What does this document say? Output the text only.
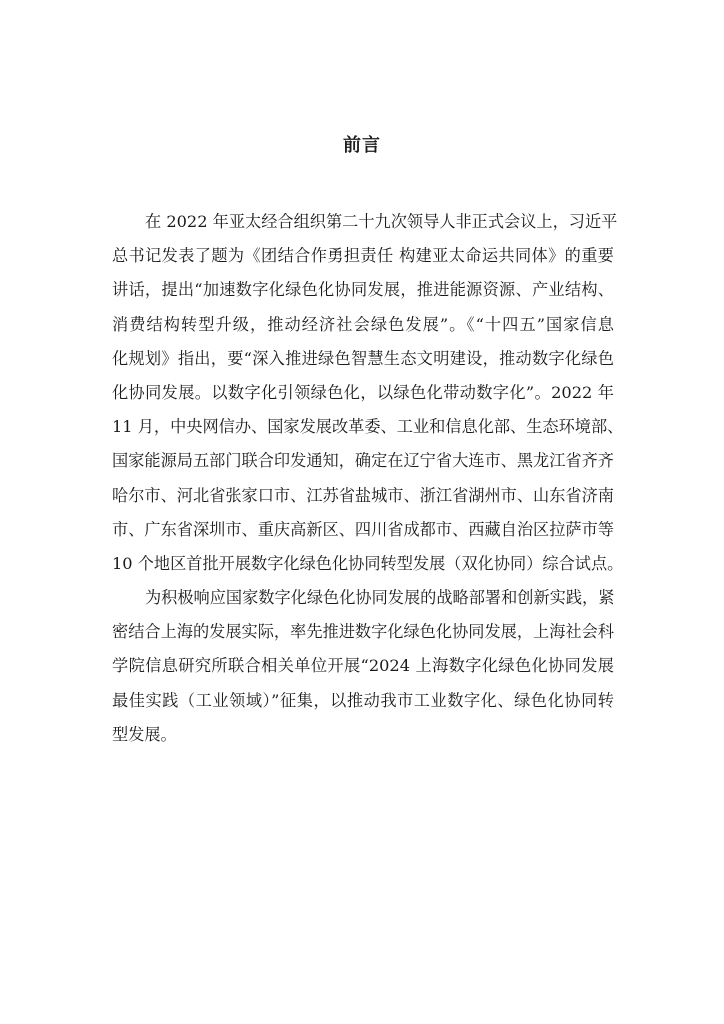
前言
在 2022 年亚太经合组织第二十九次领导人非正式会议上，习近平
总书记发表了题为《团结合作勇担责任 构建亚太命运共同体》的重要
讲话，提出“加速数字化绿色化协同发展，推进能源资源、产业结构、
消费结构转型升级，推动经济社会绿色发展”。《“十四五”国家信息
化规划》指出，要“深入推进绿色智慧生态文明建设，推动数字化绿色
化协同发展。以数字化引领绿色化，以绿色化带动数字化”。2022 年
11 月，中央网信办、国家发展改革委、工业和信息化部、生态环境部、
国家能源局五部门联合印发通知，确定在辽宁省大连市、黑龙江省齐齐
哈尔市、河北省张家口市、江苏省盐城市、浙江省湖州市、山东省济南
市、广东省深圳市、重庆高新区、四川省成都市、西藏自治区拉萨市等
10 个地区首批开展数字化绿色化协同转型发展（双化协同）综合试点。
为积极响应国家数字化绿色化协同发展的战略部署和创新实践，紧
密结合上海的发展实际，率先推进数字化绿色化协同发展，上海社会科
学院信息研究所联合相关单位开展“2024 上海数字化绿色化协同发展
最佳实践（工业领域）”征集，以推动我市工业数字化、绿色化协同转
型发展。
